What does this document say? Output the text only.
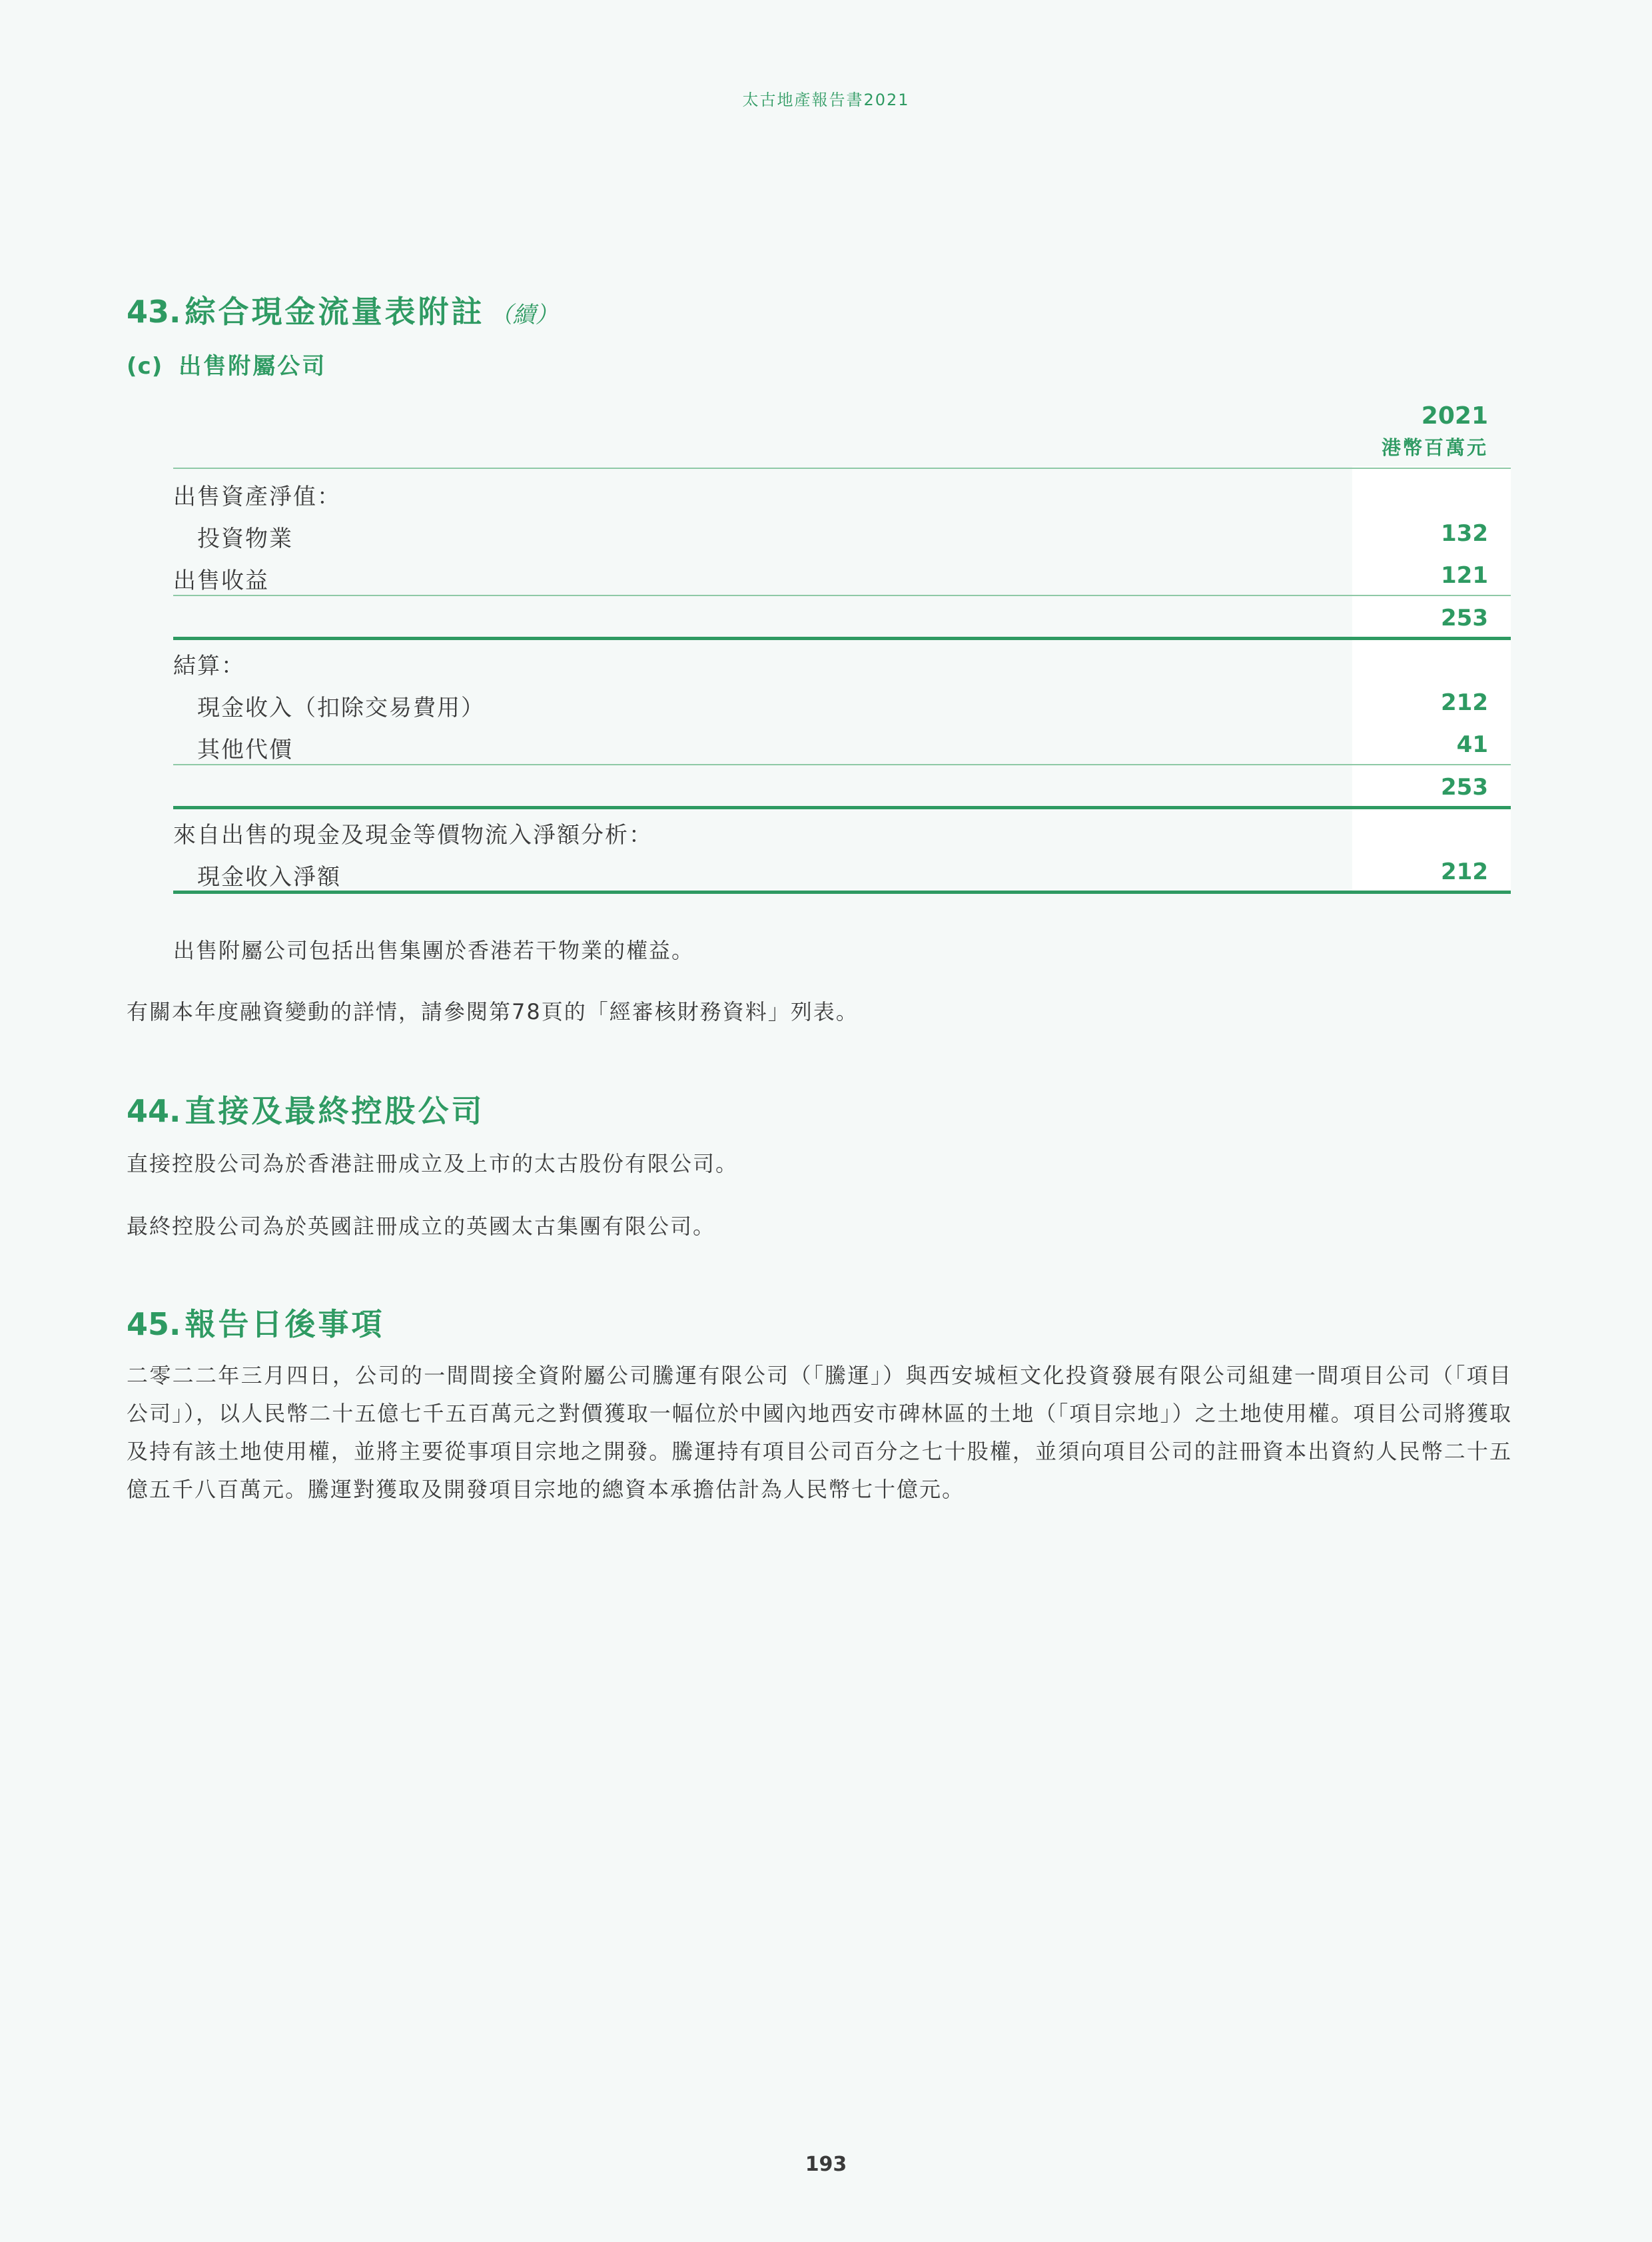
太古地產報告書2021
43. 綜合現金流量表附註 （續）
(c) 出售附屬公司
2021
港幣百萬元
出售資產淨值：
投資物業	132
出售收益	121
253
結算：
現金收入（扣除交易費用）	212
其他代價	41
253
來自出售的現金及現金等價物流入淨額分析：
現金收入淨額	212
出售附屬公司包括出售集團於香港若干物業的權益。
有關本年度融資變動的詳情，請參閱第78頁的「經審核財務資料」列表。
44. 直接及最終控股公司
直接控股公司為於香港註冊成立及上市的太古股份有限公司。
最終控股公司為於英國註冊成立的英國太古集團有限公司。
45. 報告日後事項
二零二二年三月四日，公司的一間間接全資附屬公司騰運有限公司（「騰運」）與西安城桓文化投資發展有限公司組建一間項目公司（「項目公司」），以人民幣二十五億七千五百萬元之對價獲取一幅位於中國內地西安市碑林區的土地（「項目宗地」）之土地使用權。項目公司將獲取及持有該土地使用權，並將主要從事項目宗地之開發。騰運持有項目公司百分之七十股權，並須向項目公司的註冊資本出資約人民幣二十五億五千八百萬元。騰運對獲取及開發項目宗地的總資本承擔估計為人民幣七十億元。
193
